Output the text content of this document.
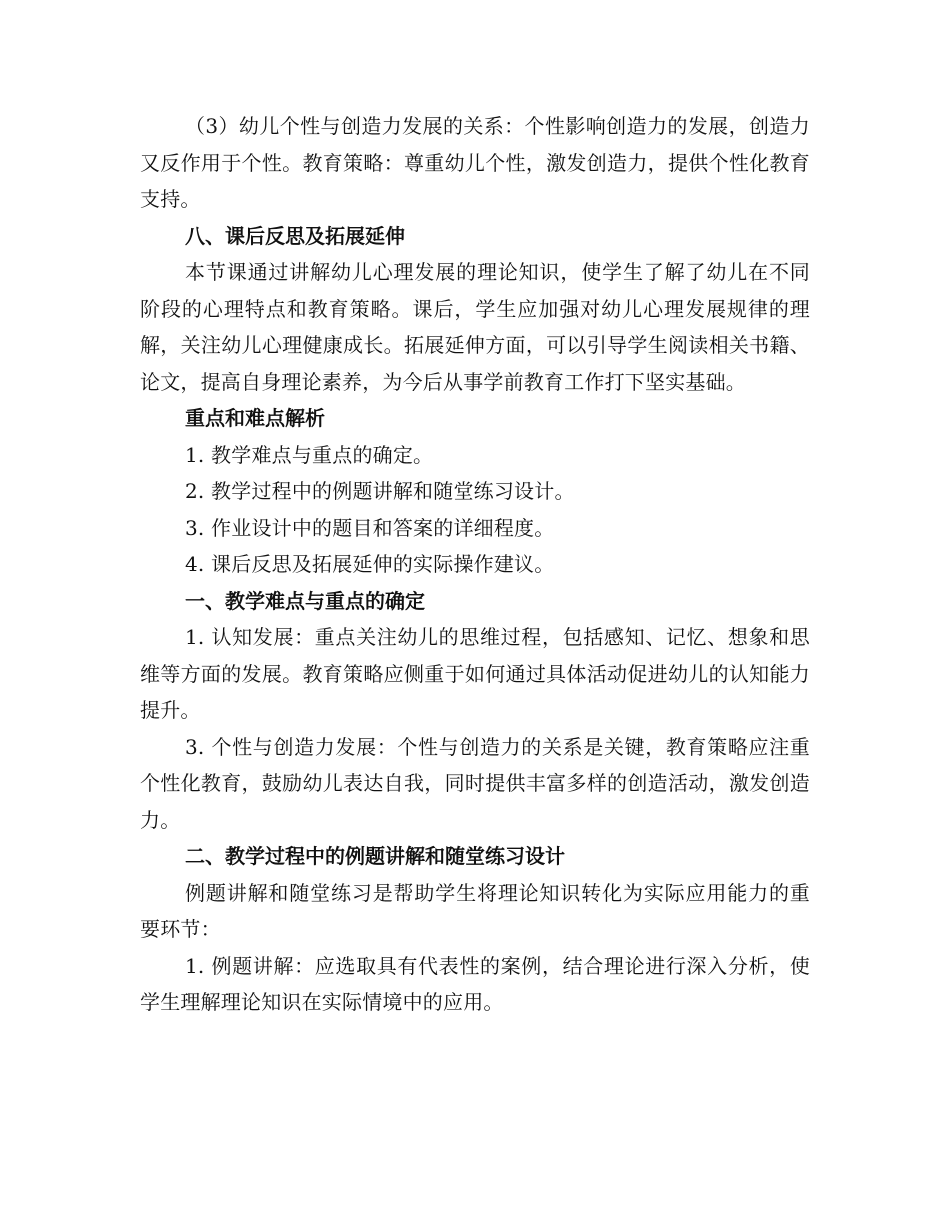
（3）幼儿个性与创造力发展的关系：个性影响创造力的发展，创造力又反作用于个性。教育策略：尊重幼儿个性，激发创造力，提供个性化教育支持。

八、课后反思及拓展延伸

本节课通过讲解幼儿心理发展的理论知识，使学生了解了幼儿在不同阶段的心理特点和教育策略。课后，学生应加强对幼儿心理发展规律的理解，关注幼儿心理健康成长。拓展延伸方面，可以引导学生阅读相关书籍、论文，提高自身理论素养，为今后从事学前教育工作打下坚实基础。

重点和难点解析

1. 教学难点与重点的确定。

2. 教学过程中的例题讲解和随堂练习设计。

3. 作业设计中的题目和答案的详细程度。

4. 课后反思及拓展延伸的实际操作建议。

一、教学难点与重点的确定

1. 认知发展：重点关注幼儿的思维过程，包括感知、记忆、想象和思维等方面的发展。教育策略应侧重于如何通过具体活动促进幼儿的认知能力提升。

3. 个性与创造力发展：个性与创造力的关系是关键，教育策略应注重个性化教育，鼓励幼儿表达自我，同时提供丰富多样的创造活动，激发创造力。

二、教学过程中的例题讲解和随堂练习设计

例题讲解和随堂练习是帮助学生将理论知识转化为实际应用能力的重要环节：

1. 例题讲解：应选取具有代表性的案例，结合理论进行深入分析，使学生理解理论知识在实际情境中的应用。
